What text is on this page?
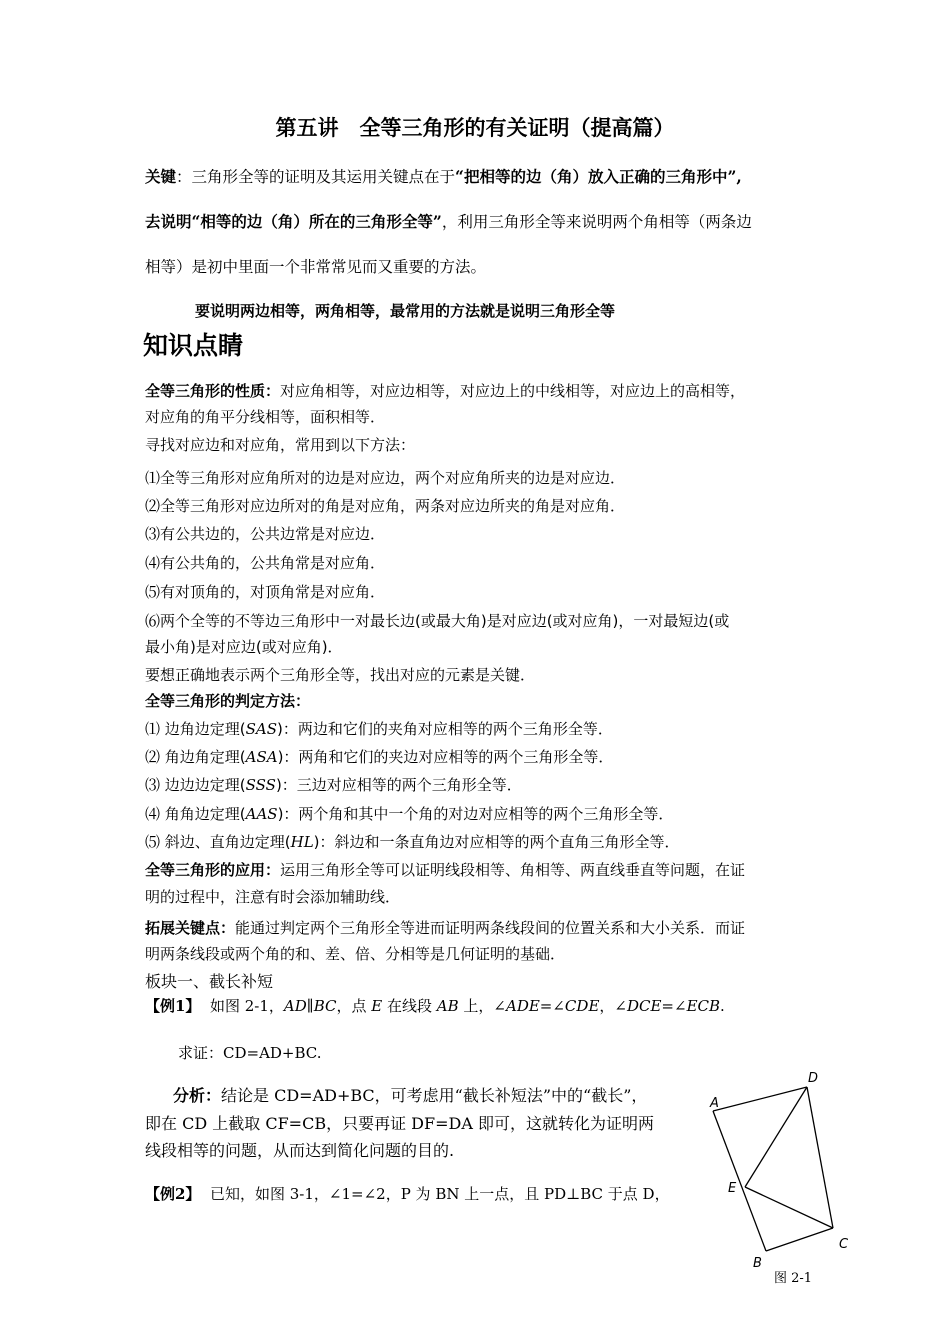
第五讲　全等三角形的有关证明（提高篇）
关键：三角形全等的证明及其运用关键点在于“把相等的边（角）放入正确的三角形中”,
去说明“相等的边（角）所在的三角形全等”，利用三角形全等来说明两个角相等（两条边
相等）是初中里面一个非常常见而又重要的方法。
要说明两边相等，两角相等，最常用的方法就是说明三角形全等
知识点睛
全等三角形的性质：对应角相等，对应边相等，对应边上的中线相等，对应边上的高相等，
对应角的角平分线相等，面积相等．
寻找对应边和对应角，常用到以下方法：
⑴全等三角形对应角所对的边是对应边，两个对应角所夹的边是对应边．
⑵全等三角形对应边所对的角是对应角，两条对应边所夹的角是对应角．
⑶有公共边的，公共边常是对应边．
⑷有公共角的，公共角常是对应角．
⑸有对顶角的，对顶角常是对应角．
⑹两个全等的不等边三角形中一对最长边(或最大角)是对应边(或对应角)，一对最短边(或
最小角)是对应边(或对应角)．
要想正确地表示两个三角形全等，找出对应的元素是关键．
全等三角形的判定方法：
⑴ 边角边定理(SAS)：两边和它们的夹角对应相等的两个三角形全等．
⑵ 角边角定理(ASA)：两角和它们的夹边对应相等的两个三角形全等．
⑶ 边边边定理(SSS)：三边对应相等的两个三角形全等．
⑷ 角角边定理(AAS)：两个角和其中一个角的对边对应相等的两个三角形全等．
⑸ 斜边、直角边定理(HL)：斜边和一条直角边对应相等的两个直角三角形全等．
全等三角形的应用：运用三角形全等可以证明线段相等、角相等、两直线垂直等问题，在证
明的过程中，注意有时会添加辅助线．
拓展关键点：能通过判定两个三角形全等进而证明两条线段间的位置关系和大小关系．而证
明两条线段或两个角的和、差、倍、分相等是几何证明的基础．
板块一、截长补短
【例1】 如图 2-1，AD∥BC，点 E 在线段 AB 上，∠ADE=∠CDE，∠DCE=∠ECB.
求证：CD=AD+BC.
分析：结论是 CD=AD+BC，可考虑用“截长补短法”中的“截长”，
即在 CD 上截取 CF=CB，只要再证 DF=DA 即可，这就转化为证明两
线段相等的问题，从而达到简化问题的目的.
【例2】 已知，如图 3-1，∠1=∠2，P 为 BN 上一点，且 PD⊥BC 于点 D，
A
D
E
C
B
图 2-1
